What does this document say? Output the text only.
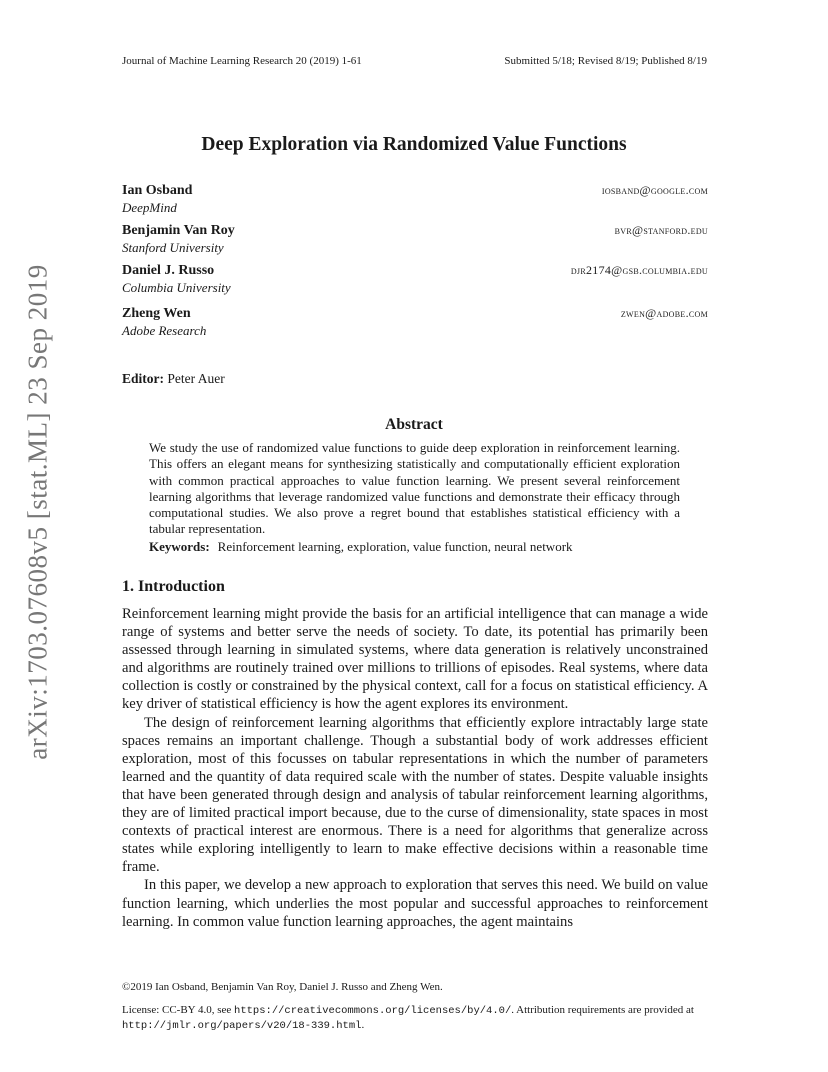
Journal of Machine Learning Research 20 (2019) 1-61	Submitted 5/18; Revised 8/19; Published 8/19
Deep Exploration via Randomized Value Functions
Ian Osband
DeepMind
iosband@google.com
Benjamin Van Roy
Stanford University
bvr@stanford.edu
Daniel J. Russo
Columbia University
djr2174@gsb.columbia.edu
Zheng Wen
Adobe Research
zwen@adobe.com
Editor: Peter Auer
Abstract
We study the use of randomized value functions to guide deep exploration in reinforcement learning. This offers an elegant means for synthesizing statistically and computationally efficient exploration with common practical approaches to value function learning. We present several reinforcement learning algorithms that leverage randomized value functions and demonstrate their efficacy through computational studies. We also prove a regret bound that establishes statistical efficiency with a tabular representation.
Keywords: Reinforcement learning, exploration, value function, neural network
1. Introduction

Reinforcement learning might provide the basis for an artificial intelligence that can manage a wide range of systems and better serve the needs of society. To date, its potential has primarily been assessed through learning in simulated systems, where data generation is relatively unconstrained and algorithms are routinely trained over millions to trillions of episodes. Real systems, where data collection is costly or constrained by the physical context, call for a focus on statistical efficiency. A key driver of statistical efficiency is how the agent explores its environment.

The design of reinforcement learning algorithms that efficiently explore intractably large state spaces remains an important challenge. Though a substantial body of work addresses efficient exploration, most of this focusses on tabular representations in which the number of parameters learned and the quantity of data required scale with the number of states. Despite valuable insights that have been generated through design and analysis of tabular reinforcement learning algorithms, they are of limited practical import because, due to the curse of dimensionality, state spaces in most contexts of practical interest are enormous. There is a need for algorithms that generalize across states while exploring intelligently to learn to make effective decisions within a reasonable time frame.

In this paper, we develop a new approach to exploration that serves this need. We build on value function learning, which underlies the most popular and successful approaches to reinforcement learning. In common value function learning approaches, the agent maintains

©2019 Ian Osband, Benjamin Van Roy, Daniel J. Russo and Zheng Wen.
License: CC-BY 4.0, see https://creativecommons.org/licenses/by/4.0/. Attribution requirements are provided at http://jmlr.org/papers/v20/18-339.html.
arXiv:1703.07608v5 [stat.ML] 23 Sep 2019
